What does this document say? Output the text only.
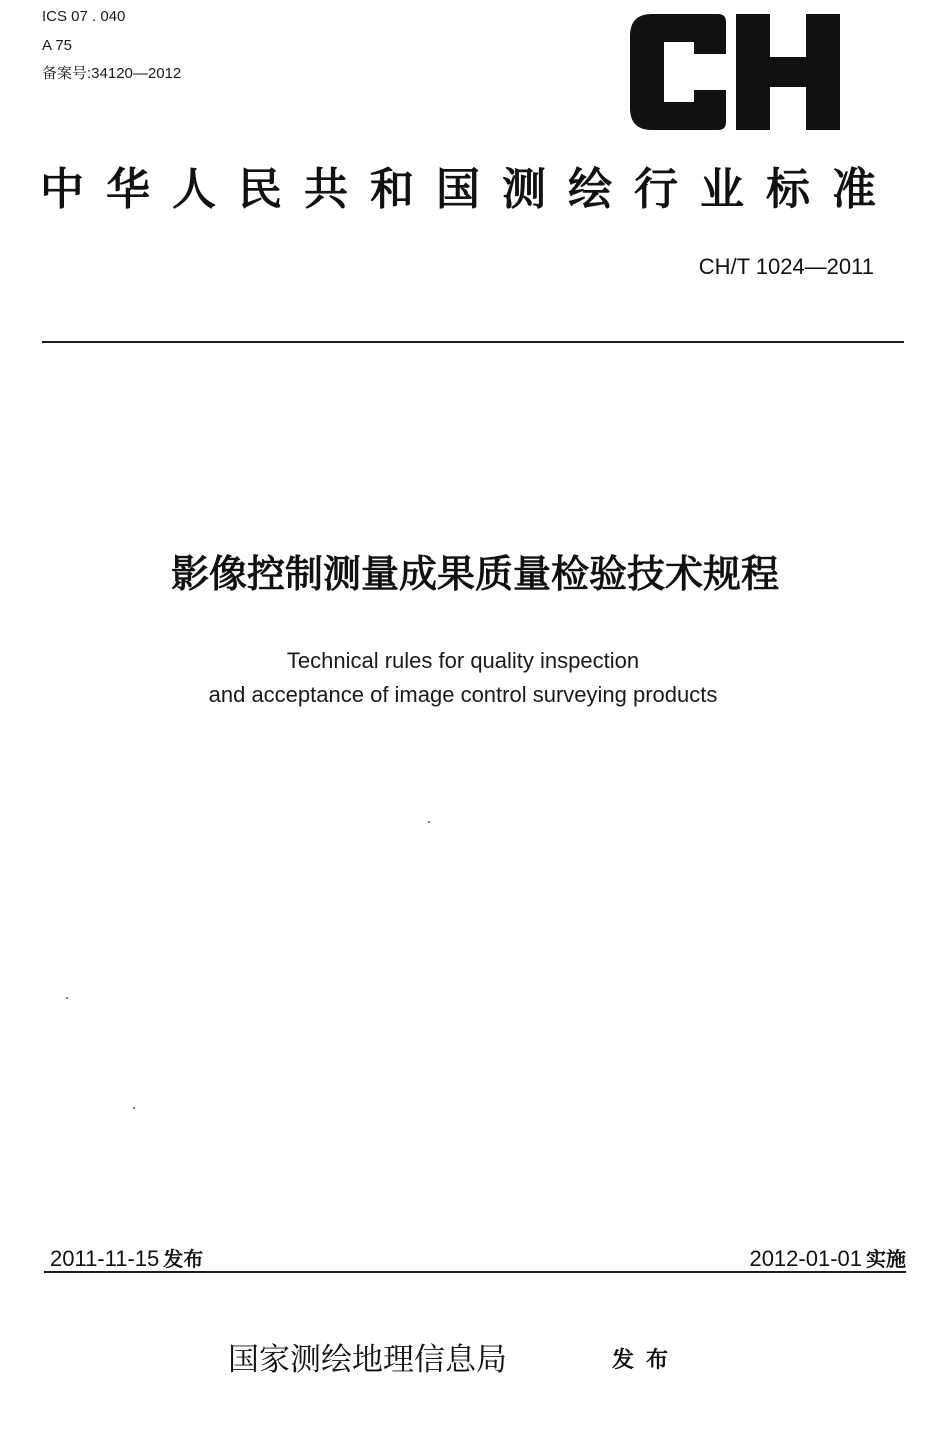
ICS 07 . 040
A 75
备案号:34120—2012
中华人民共和国测绘行业标准
CH/T 1024—2011
影像控制测量成果质量检验技术规程
Technical rules for quality inspection
and acceptance of image control surveying products
2011-11-15 发布	2012-01-01 实施
国家测绘地理信息局	发布
